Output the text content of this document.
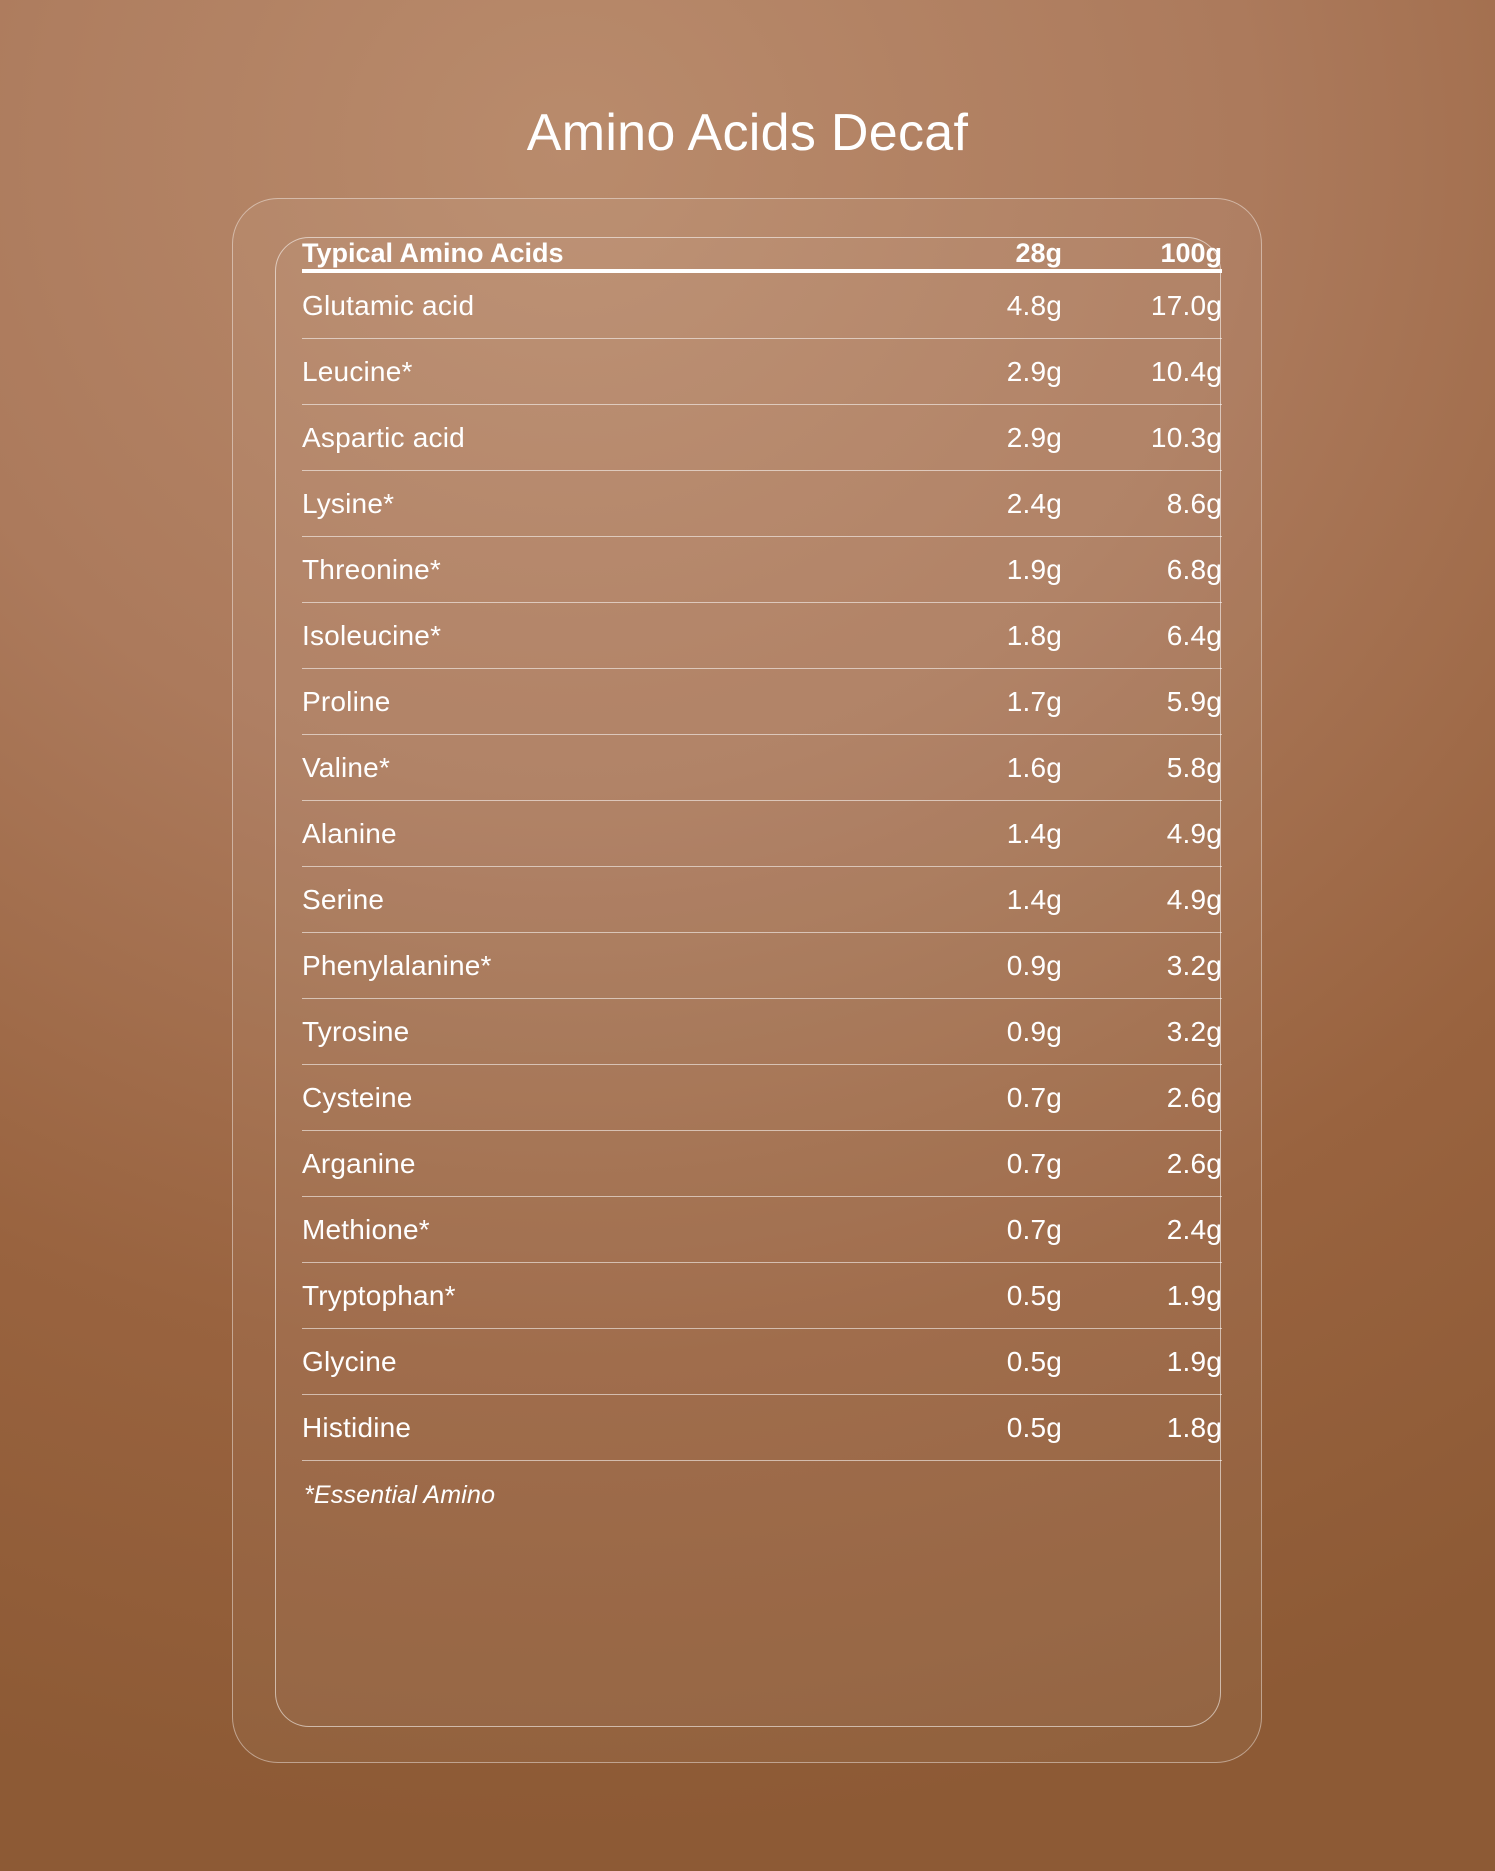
Amino Acids Decaf
Typical Amino Acids	28g	100g
Glutamic acid	4.8g	17.0g
Leucine*	2.9g	10.4g
Aspartic acid	2.9g	10.3g
Lysine*	2.4g	8.6g
Threonine*	1.9g	6.8g
Isoleucine*	1.8g	6.4g
Proline	1.7g	5.9g
Valine*	1.6g	5.8g
Alanine	1.4g	4.9g
Serine	1.4g	4.9g
Phenylalanine*	0.9g	3.2g
Tyrosine	0.9g	3.2g
Cysteine	0.7g	2.6g
Arganine	0.7g	2.6g
Methione*	0.7g	2.4g
Tryptophan*	0.5g	1.9g
Glycine	0.5g	1.9g
Histidine	0.5g	1.8g
*Essential Amino
